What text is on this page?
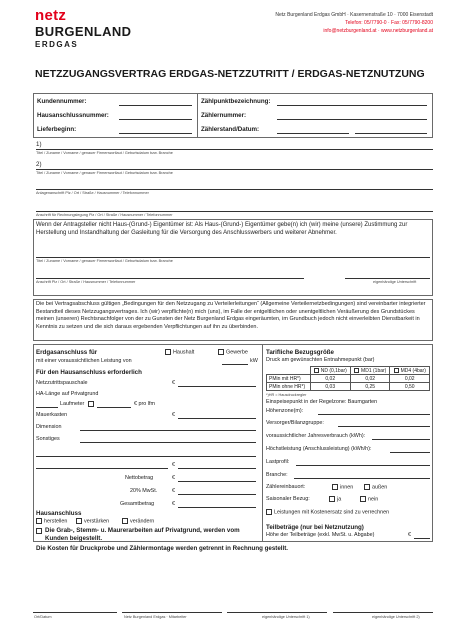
netz
BURGENLAND
ERDGAS
Netz Burgenland Erdgas GmbH · Kasernenstraße 10 · 7000 Eisenstadt
Telefon: 05/7790-0 · Fax: 05/7790-8200
info@netzburgenland.at · www.netzburgenland.at
NETZZUGANGSVERTRAG ERDGAS-NETZZUTRITT / ERDGAS-NETZNUTZUNG
Kundennummer:
Hausanschlussnummer:
Lieferbeginn:
Zählpunktbezeichnung:
Zählernummer:
Zählerstand/Datum:
1)
Titel / Zuname / Vorname / genauer Firmenwortlaut / Geburtsdatum bzw. Branche
2)
Titel / Zuname / Vorname / genauer Firmenwortlaut / Geburtsdatum bzw. Branche
Anlagenanschrift Plz / Ort / Straße / Hausnummer / Telefonnummer
Anschrift für Rechnungslegung Plz / Ort / Straße / Hausnummer / Telefonnummer
Wenn der Antragsteller nicht Haus-(Grund-) Eigentümer ist: Als Haus-(Grund-) Eigentümer gebe(n) ich (wir) meine (unsere) Zustimmung zur Herstellung und Instandhaltung der Gasleitung für die Versorgung des Anschlusswerbers und weiterer Abnehmer.
Titel / Zuname / Vorname / genauer Firmenwortlaut / Geburtsdatum bzw. Branche
Anschrift Plz / Ort / Straße / Hausnummer / Telefonnummer	eigenhändige Unterschrift
Die bei Vertragsabschluss gültigen „Bedingungen für den Netzzugang zu Verteilerleitungen“ (Allgemeine Verteilernetzbedingungen) sind vereinbarter integrierter Bestandteil dieses Netzzugangsvertrages. Ich (wir) verpflichte(n) mich (uns), im Falle der entgeltlichen oder unentgeltlichen Veräußerung des Grundstückes meinen (unseren) Rechtsnachfolger von der zu Gunsten der Netz Burgenland Erdgas eingeräumten, im Grundbuch jedoch nicht einverleibten Dienstbarkeit in Kenntnis zu setzen und die sich daraus ergebenden Verpflichtungen auf ihn zu überbinden.
Erdgasanschluss für	Haushalt	Gewerbe
mit einer voraussichtlichen Leistung von	kW
Für den Hausanschluss erforderlich
Netzzutrittspauschale	€
HA-Länge auf Privatgrund
Laufmeter	€ pro lfm
Mauerkasten	€
Dimension
Sonstiges
€
Nettobetrag	€
20% MwSt.	€
Gesamtbetrag	€
Hausanschluss
herstellen	verstärken	verändern
Die Grab-, Stemm- u. Maurerarbeiten auf Privatgrund, werden vom Kunden beigestellt.
Tarifliche Bezugsgröße
Druck am gewünschten Entnahmepunkt (bar)
	ND (0,1bar)	MD1 (1bar)	MD4 (4bar)
PMin mit HR*)	0,02	0,02	0,02
PMin ohne HR*)	0,03	0,25	0,50
*)HR = Hausdruckregler
Einspeisepunkt in der Regelzone: Baumgarten
Höhenzone(m):
Versorger/Bilanzgruppe:
voraussichtlicher Jahresverbrauch (kWh):
Höchstleistung (Anschlussleistung) (kWh/h):
Lastprofil:
Branche:
Zählereinbauort:	innen	außen
Saisonaler Bezug:	ja	nein
Leistungen mit Kostenersatz sind zu verrechnen
Teilbeträge (nur bei Netznutzung)
Höhe der Teilbeträge (exkl. MwSt. u. Abgabe)	€
Die Kosten für Druckprobe und Zählermontage werden getrennt in Rechnung gestellt.
Ort/Datum	Netz Burgenland Erdgas · Mitarbeiter	eigenhändige Unterschrift 1)	eigenhändige Unterschrift 2)
